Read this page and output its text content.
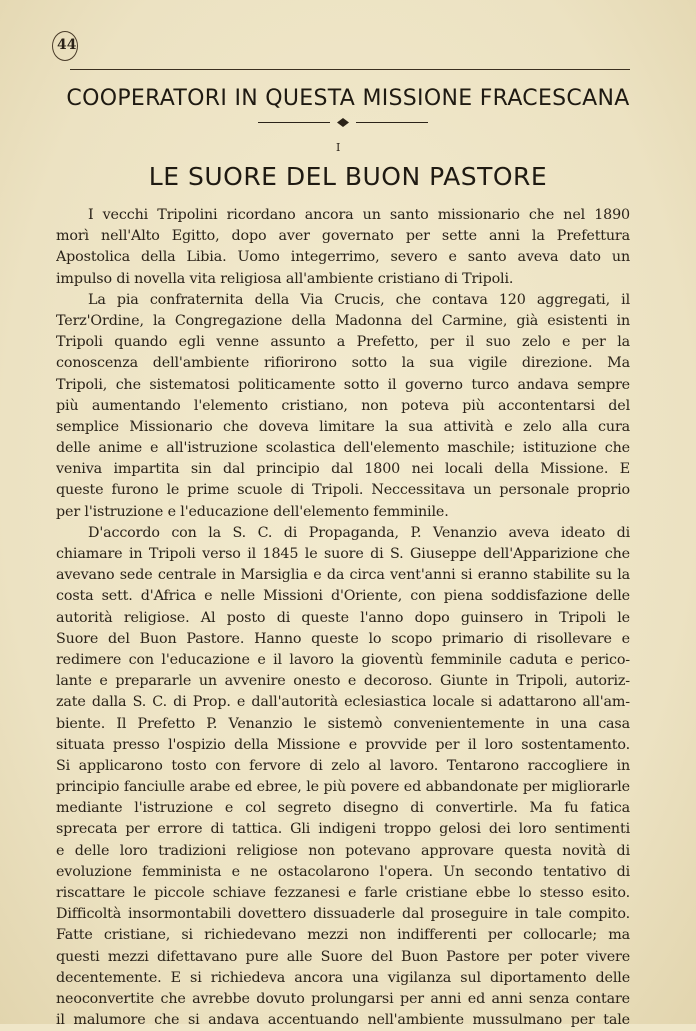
44
COOPERATORI IN QUESTA MISSIONE FRACESCANA
I
LE SUORE DEL BUON PASTORE
I vecchi Tripolini ricordano ancora un santo missionario che nel 1890
morì nell'Alto Egitto, dopo aver governato per sette anni la Prefettura
Apostolica della Libia. Uomo integerrimo, severo e santo aveva dato un
impulso di novella vita religiosa all'ambiente cristiano di Tripoli.
La pia confraternita della Via Crucis, che contava 120 aggregati, il
Terz'Ordine, la Congregazione della Madonna del Carmine, già esistenti in
Tripoli quando egli venne assunto a Prefetto, per il suo zelo e per la
conoscenza dell'ambiente rifiorirono sotto la sua vigile direzione. Ma
Tripoli, che sistematosi politicamente sotto il governo turco andava sempre
più aumentando l'elemento cristiano, non poteva più accontentarsi del
semplice Missionario che doveva limitare la sua attività e zelo alla cura
delle anime e all'istruzione scolastica dell'elemento maschile; istituzione che
veniva impartita sin dal principio dal 1800 nei locali della Missione. E
queste furono le prime scuole di Tripoli. Neccessitava un personale proprio
per l'istruzione e l'educazione dell'elemento femminile.
D'accordo con la S. C. di Propaganda, P. Venanzio aveva ideato di
chiamare in Tripoli verso il 1845 le suore di S. Giuseppe dell'Apparizione che
avevano sede centrale in Marsiglia e da circa vent'anni si eranno stabilite su la
costa sett. d'Africa e nelle Missioni d'Oriente, con piena soddisfazione delle
autorità religiose. Al posto di queste l'anno dopo guinsero in Tripoli le
Suore del Buon Pastore. Hanno queste lo scopo primario di risollevare e
redimere con l'educazione e il lavoro la gioventù femminile caduta e perico-
lante e prepararle un avvenire onesto e decoroso. Giunte in Tripoli, autoriz-
zate dalla S. C. di Prop. e dall'autorità eclesiastica locale si adattarono all'am-
biente. Il Prefetto P. Venanzio le sistemò convenientemente in una casa
situata presso l'ospizio della Missione e provvide per il loro sostentamento.
Si applicarono tosto con fervore di zelo al lavoro. Tentarono raccogliere in
principio fanciulle arabe ed ebree, le più povere ed abbandonate per migliorarle
mediante l'istruzione e col segreto disegno di convertirle. Ma fu fatica
sprecata per errore di tattica. Gli indigeni troppo gelosi dei loro sentimenti
e delle loro tradizioni religiose non potevano approvare questa novità di
evoluzione femminista e ne ostacolarono l'opera. Un secondo tentativo di
riscattare le piccole schiave fezzanesi e farle cristiane ebbe lo stesso esito.
Difficoltà insormontabili dovettero dissuaderle dal proseguire in tale compito.
Fatte cristiane, si richiedevano mezzi non indifferenti per collocarle; ma
questi mezzi difettavano pure alle Suore del Buon Pastore per poter vivere
decentemente. E si richiedeva ancora una vigilanza sul diportamento delle
neoconvertite che avrebbe dovuto prolungarsi per anni ed anni senza contare
il malumore che si andava accentuando nell'ambiente mussulmano per tale
